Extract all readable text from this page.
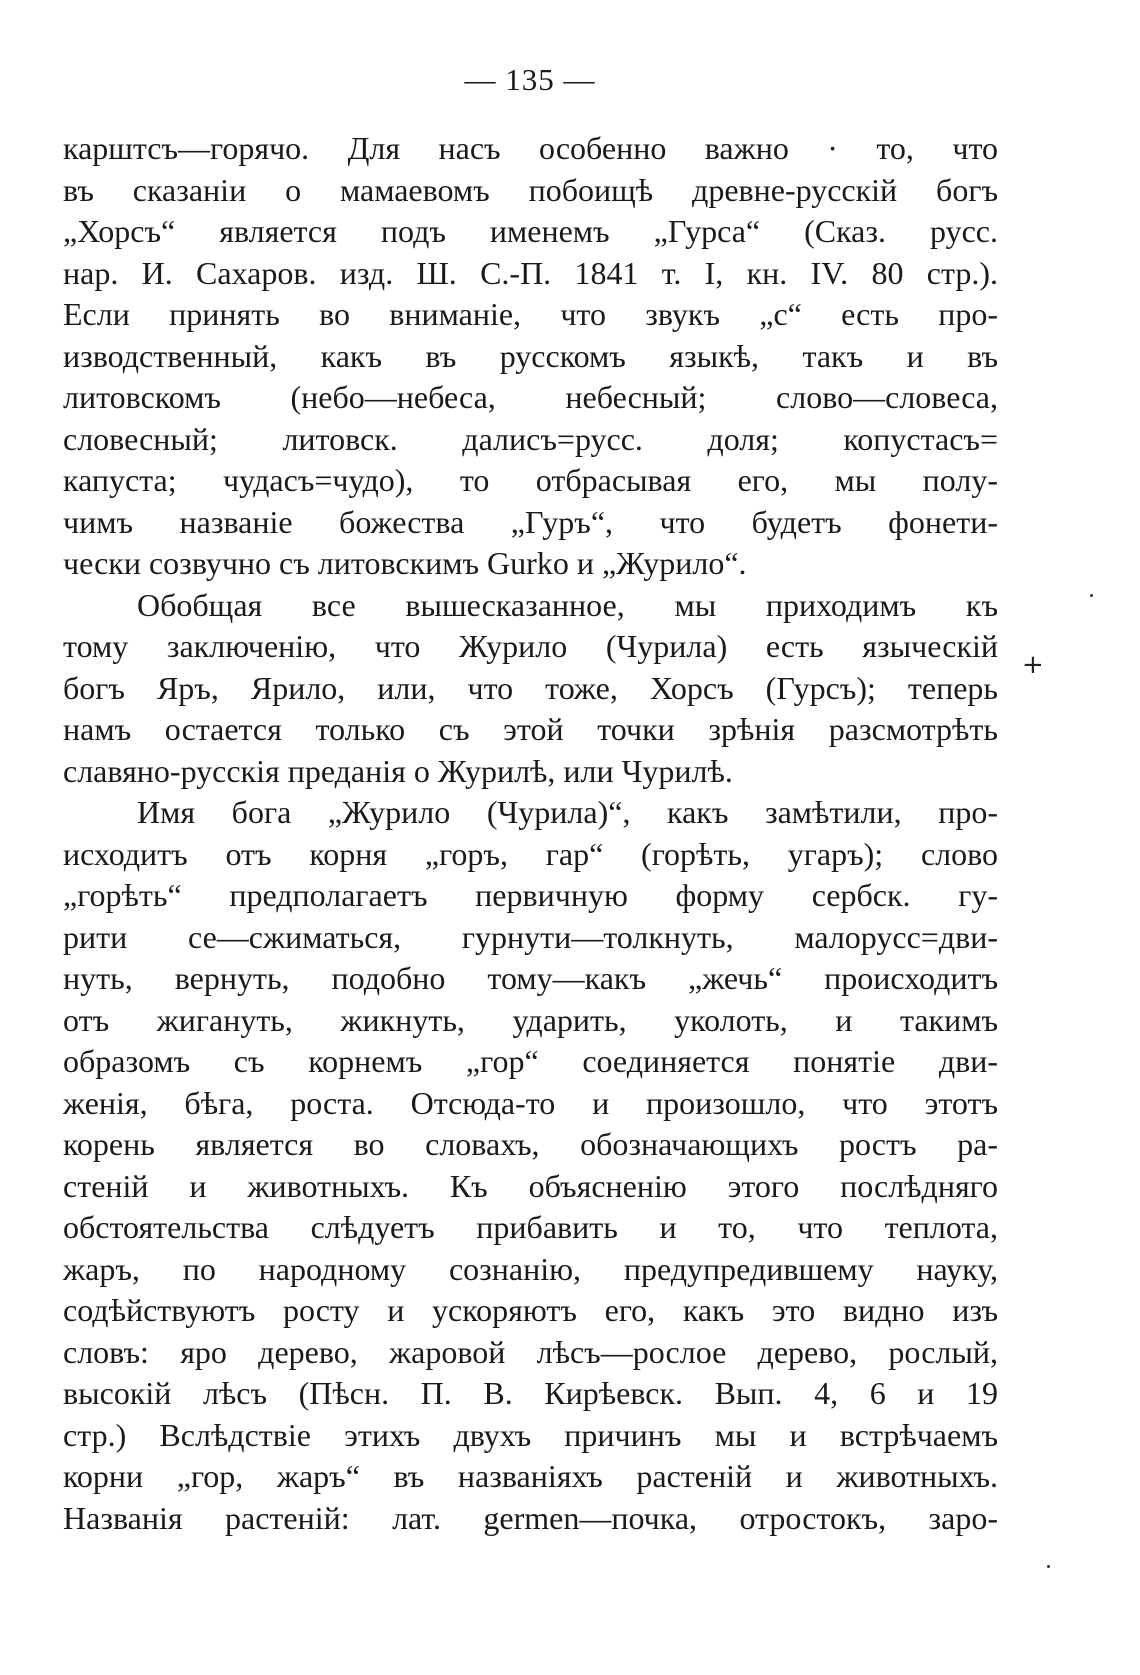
— 135 —
карштсъ—горячо. Для насъ особенно важно · то, что
въ сказанiи о мамаевомъ побоищѣ древне-русскiй богъ
„Хорсъ“ является подъ именемъ „Гурса“ (Сказ. русс.
нар. И. Сахаров. изд. Ш. С.-П. 1841 т. I, кн. IV. 80 стр.).
Если принять во вниманiе, что звукъ „с“ есть про-
изводственный, какъ въ русскомъ языкѣ, такъ и въ
литовскомъ (небо—небеса, небесный; слово—словеса,
словесный; литовск. далисъ=русс. доля; копустасъ=
капуста; чудасъ=чудо), то отбрасывая его, мы полу-
чимъ названiе божества „Гуръ“, что будетъ фонети-
чески созвучно съ литовскимъ Gurko и „Журило“.
Обобщая все вышесказанное, мы приходимъ къ
тому заключенiю, что Журило (Чурила) есть языческiй
богъ Яръ, Ярило, или, что тоже, Хорсъ (Гурсъ); теперь
намъ остается только съ этой точки зрѣнiя разсмотрѣть
славяно-русскiя преданiя о Журилѣ, или Чурилѣ.
Имя бога „Журило (Чурила)“, какъ замѣтили, про-
исходитъ отъ корня „горъ, гар“ (горѣть, угаръ); слово
„горѣть“ предполагаетъ первичную форму сербск. гу-
рити се—сжиматься, гурнути—толкнуть, малорусс=дви-
нуть, вернуть, подобно тому—какъ „жечь“ происходитъ
отъ жигануть, жикнуть, ударить, уколоть, и такимъ
образомъ съ корнемъ „гор“ соединяется понятiе дви-
женiя, бѣга, роста. Отсюда-то и произошло, что этотъ
корень является во словахъ, обозначающихъ ростъ ра-
стенiй и животныхъ. Къ объясненiю этого послѣдняго
обстоятельства слѣдуетъ прибавить и то, что теплота,
жаръ, по народному сознанiю, предупредившему науку,
содѣйствуютъ росту и ускоряютъ его, какъ это видно изъ
словъ: яро дерево, жаровой лѣсъ—рослое дерево, рослый,
высокiй лѣсъ (Пѣсн. П. В. Кирѣевск. Вып. 4, 6 и 19
стр.) Вслѣдствiе этихъ двухъ причинъ мы и встрѣчаемъ
корни „гор, жаръ“ въ названiяхъ растенiй и животныхъ.
Названiя растенiй: лат. germen—почка, отростокъ, заро-
+
